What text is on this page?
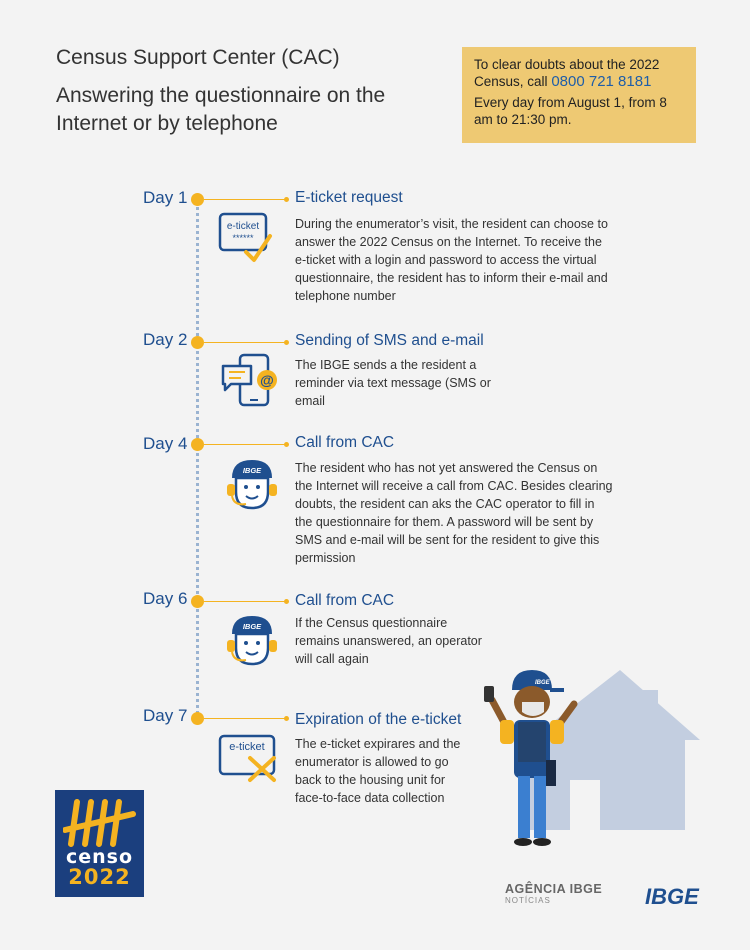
Census Support Center (CAC)
Answering the questionnaire on the Internet or by telephone

To clear doubts about the 2022 Census, call 0800 721 8181

Every day from August 1, from 8 am to 21:30 pm.

Day 1	E-ticket request
During the enumerator’s visit, the resident can choose to answer the 2022 Census on the Internet. To receive the e-ticket with a login and password to access the virtual questionnaire, the resident has to inform their e-mail and telephone number
e-ticket
******
Day 2	Sending of SMS and e-mail
The IBGE sends a the resident a reminder via text message (SMS or email
@
Day 4	Call from CAC
The resident who has not yet answered the Census on the Internet will receive a call from CAC. Besides clearing doubts, the resident can aks the CAC operator to fill in the questionnaire for them. A password will be sent by SMS and e-mail will be sent for the resident to give this permission
IBGE
Day 6	Call from CAC
If the Census questionnaire remains unanswered, an operator will call again
IBGE
Day 7	Expiration of the e-ticket
The e-ticket expirares and the enumerator is allowed to go back to the housing unit for face-to-face data collection
e-ticket
IBGE
censo
2022	AGÊNCIA IBGE
NOTÍCIAS	IBGE
